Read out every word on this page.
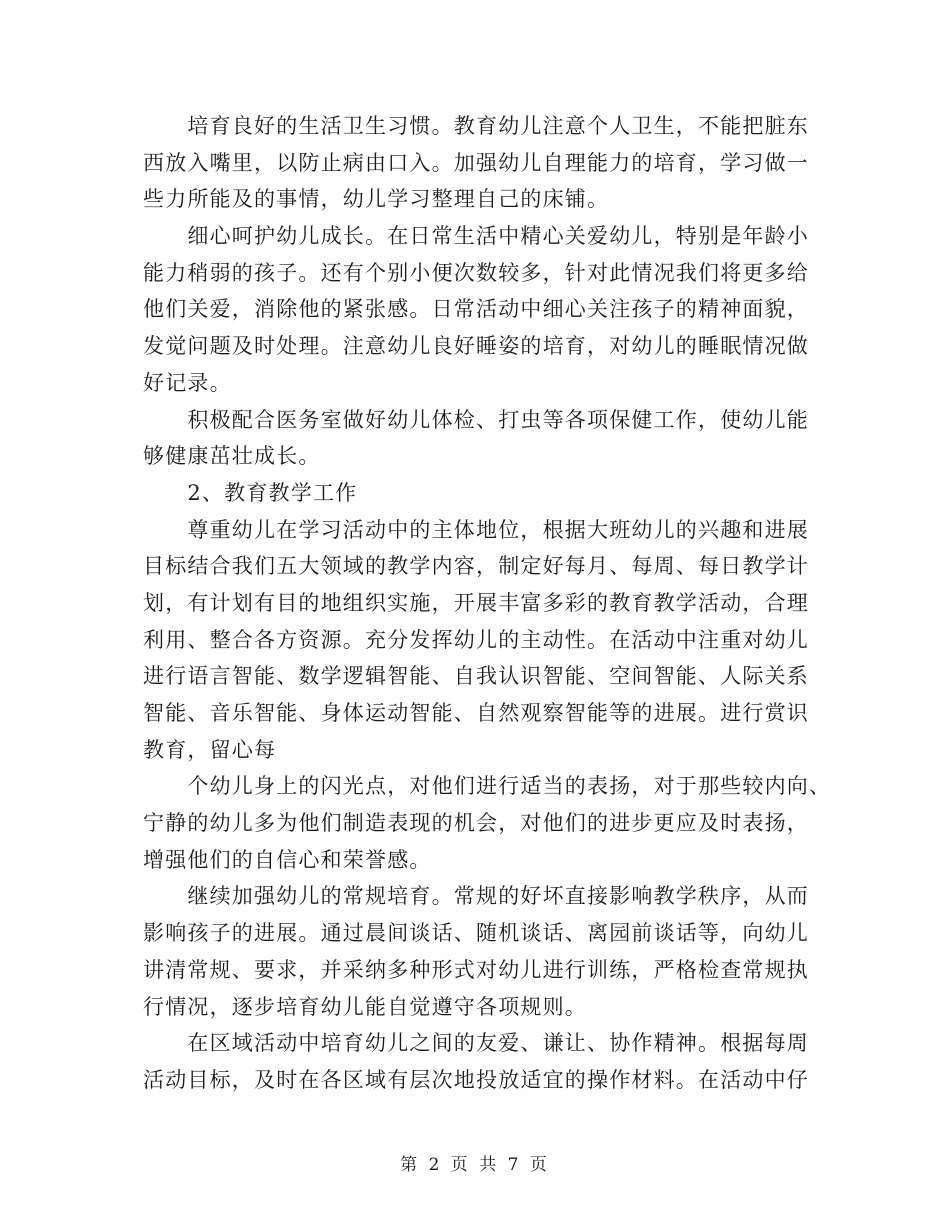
　　培育良好的生活卫生习惯。教育幼儿注意个人卫生，不能把脏东
西放入嘴里，以防止病由口入。加强幼儿自理能力的培育，学习做一
些力所能及的事情，幼儿学习整理自己的床铺。
　　细心呵护幼儿成长。在日常生活中精心关爱幼儿，特别是年龄小
能力稍弱的孩子。还有个别小便次数较多，针对此情况我们将更多给
他们关爱，消除他的紧张感。日常活动中细心关注孩子的精神面貌，
发觉问题及时处理。注意幼儿良好睡姿的培育，对幼儿的睡眠情况做
好记录。
　　积极配合医务室做好幼儿体检、打虫等各项保健工作，使幼儿能
够健康茁壮成长。
　　2、教育教学工作
　　尊重幼儿在学习活动中的主体地位，根据大班幼儿的兴趣和进展
目标结合我们五大领域的教学内容，制定好每月、每周、每日教学计
划，有计划有目的地组织实施，开展丰富多彩的教育教学活动，合理
利用、整合各方资源。充分发挥幼儿的主动性。在活动中注重对幼儿
进行语言智能、数学逻辑智能、自我认识智能、空间智能、人际关系
智能、音乐智能、身体运动智能、自然观察智能等的进展。进行赏识
教育，留心每
　　个幼儿身上的闪光点，对他们进行适当的表扬，对于那些较内向、
宁静的幼儿多为他们制造表现的机会，对他们的进步更应及时表扬，
增强他们的自信心和荣誉感。
　　继续加强幼儿的常规培育。常规的好坏直接影响教学秩序，从而
影响孩子的进展。通过晨间谈话、随机谈话、离园前谈话等，向幼儿
讲清常规、要求，并采纳多种形式对幼儿进行训练，严格检查常规执
行情况，逐步培育幼儿能自觉遵守各项规则。
　　在区域活动中培育幼儿之间的友爱、谦让、协作精神。根据每周
活动目标，及时在各区域有层次地投放适宜的操作材料。在活动中仔
第 2 页 共 7 页
